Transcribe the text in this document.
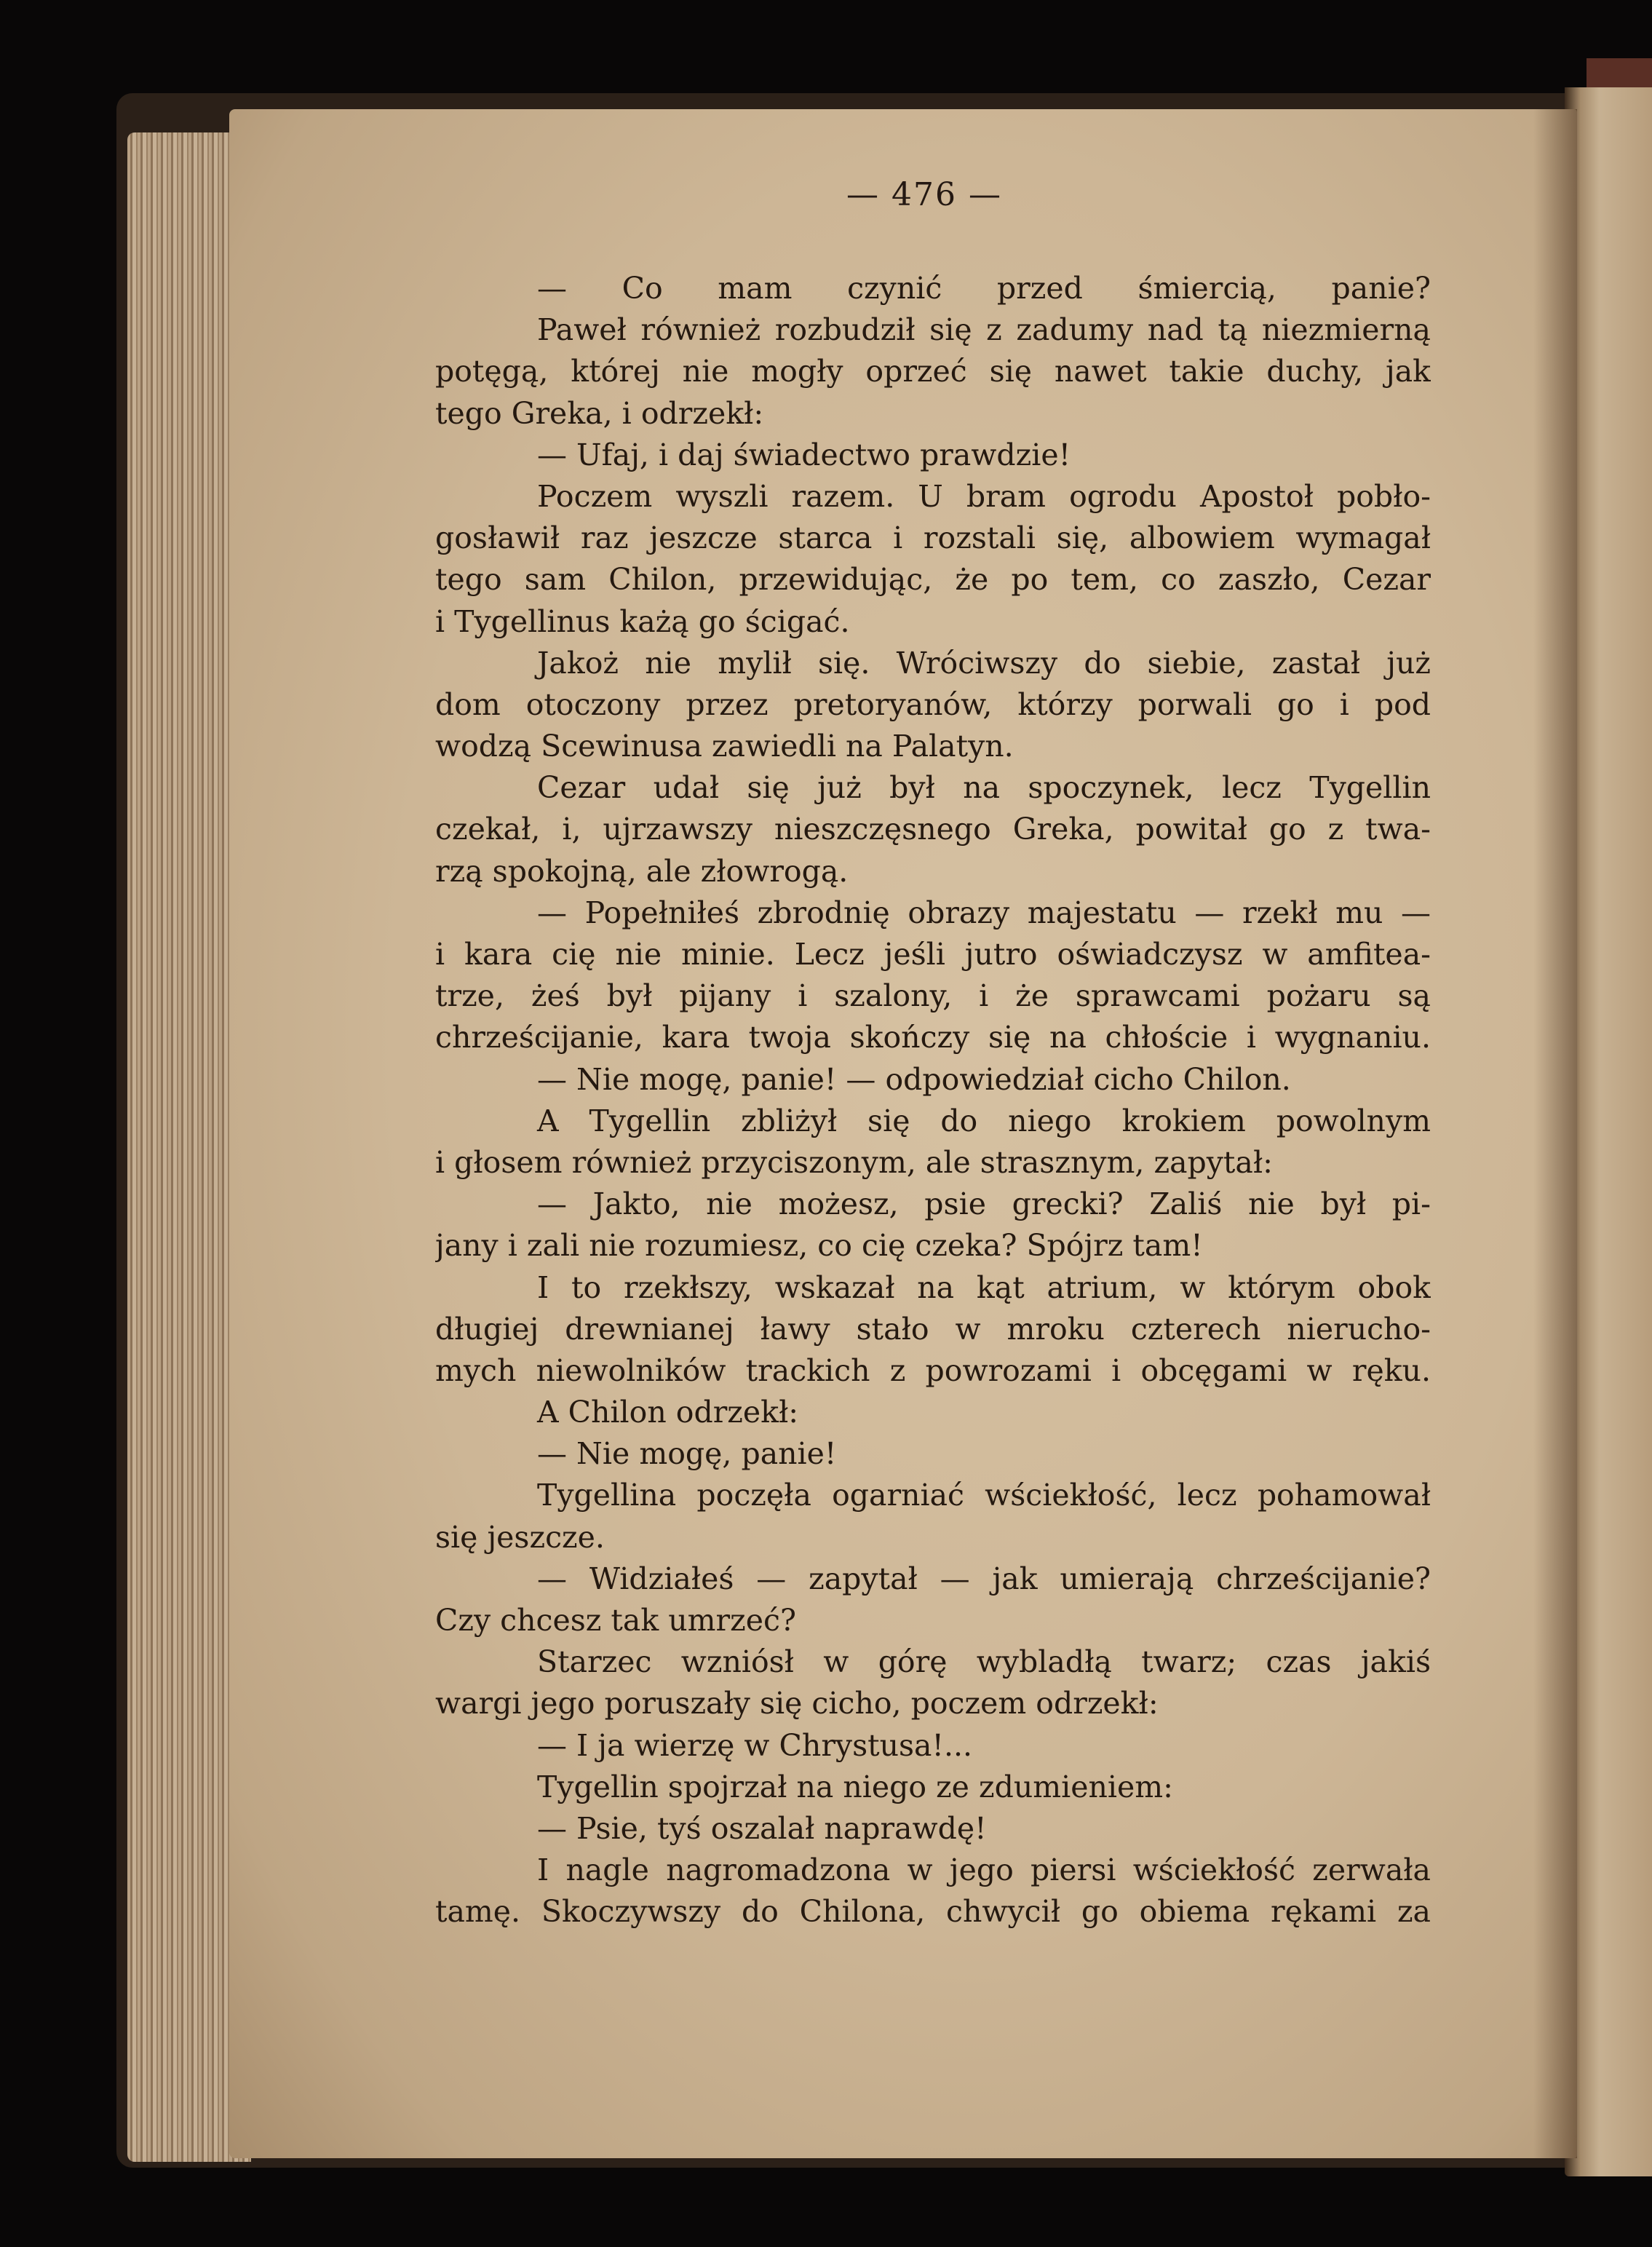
— 476 —
— Co mam czynić przed śmiercią, panie?
Paweł również rozbudził się z zadumy nad tą niezmierną
potęgą, której nie mogły oprzeć się nawet takie duchy, jak
tego Greka, i odrzekł:
— Ufaj, i daj świadectwo prawdzie!
Poczem wyszli razem. U bram ogrodu Apostoł pobło-
gosławił raz jeszcze starca i rozstali się, albowiem wymagał
tego sam Chilon, przewidując, że po tem, co zaszło, Cezar
i Tygellinus każą go ścigać.
Jakoż nie mylił się. Wróciwszy do siebie, zastał już
dom otoczony przez pretoryanów, którzy porwali go i pod
wodzą Scewinusa zawiedli na Palatyn.
Cezar udał się już był na spoczynek, lecz Tygellin
czekał, i, ujrzawszy nieszczęsnego Greka, powitał go z twa-
rzą spokojną, ale złowrogą.
— Popełniłeś zbrodnię obrazy majestatu — rzekł mu —
i kara cię nie minie. Lecz jeśli jutro oświadczysz w amfitea-
trze, żeś był pijany i szalony, i że sprawcami pożaru są
chrześcijanie, kara twoja skończy się na chłoście i wygnaniu.
— Nie mogę, panie! — odpowiedział cicho Chilon.
A Tygellin zbliżył się do niego krokiem powolnym
i głosem również przyciszonym, ale strasznym, zapytał:
— Jakto, nie możesz, psie grecki? Zaliś nie był pi-
jany i zali nie rozumiesz, co cię czeka? Spójrz tam!
I to rzekłszy, wskazał na kąt atrium, w którym obok
długiej drewnianej ławy stało w mroku czterech nierucho-
mych niewolników trackich z powrozami i obcęgami w ręku.
A Chilon odrzekł:
— Nie mogę, panie!
Tygellina poczęła ogarniać wściekłość, lecz pohamował
się jeszcze.
— Widziałeś — zapytał — jak umierają chrześcijanie?
Czy chcesz tak umrzeć?
Starzec wzniósł w górę wybladłą twarz; czas jakiś
wargi jego poruszały się cicho, poczem odrzekł:
— I ja wierzę w Chrystusa!...
Tygellin spojrzał na niego ze zdumieniem:
— Psie, tyś oszalał naprawdę!
I nagle nagromadzona w jego piersi wściekłość zerwała
tamę. Skoczywszy do Chilona, chwycił go obiema rękami za
